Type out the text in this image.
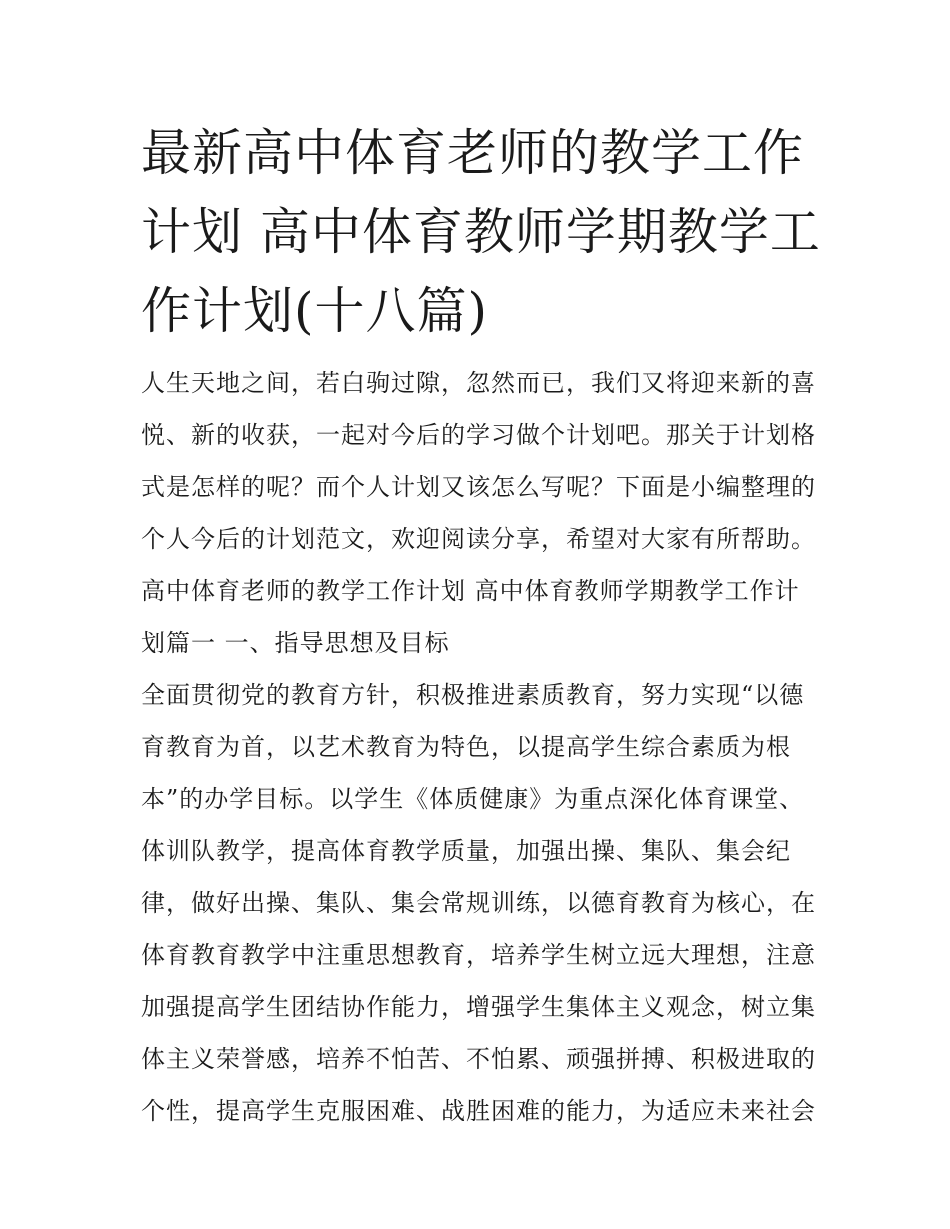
最新高中体育老师的教学工作
计划 高中体育教师学期教学工
作计划(十八篇)
人生天地之间，若白驹过隙，忽然而已，我们又将迎来新的喜
悦、新的收获，一起对今后的学习做个计划吧。那关于计划格
式是怎样的呢？而个人计划又该怎么写呢？下面是小编整理的
个人今后的计划范文，欢迎阅读分享，希望对大家有所帮助。
高中体育老师的教学工作计划 高中体育教师学期教学工作计
划篇一 一、指导思想及目标
全面贯彻党的教育方针，积极推进素质教育，努力实现“以德
育教育为首，以艺术教育为特色，以提高学生综合素质为根
本”的办学目标。以学生《体质健康》为重点深化体育课堂、
体训队教学，提高体育教学质量，加强出操、集队、集会纪
律，做好出操、集队、集会常规训练，以德育教育为核心，在
体育教育教学中注重思想教育，培养学生树立远大理想，注意
加强提高学生团结协作能力，增强学生集体主义观念，树立集
体主义荣誉感，培养不怕苦、不怕累、顽强拼搏、积极进取的
个性，提高学生克服困难、战胜困难的能力，为适应未来社会
